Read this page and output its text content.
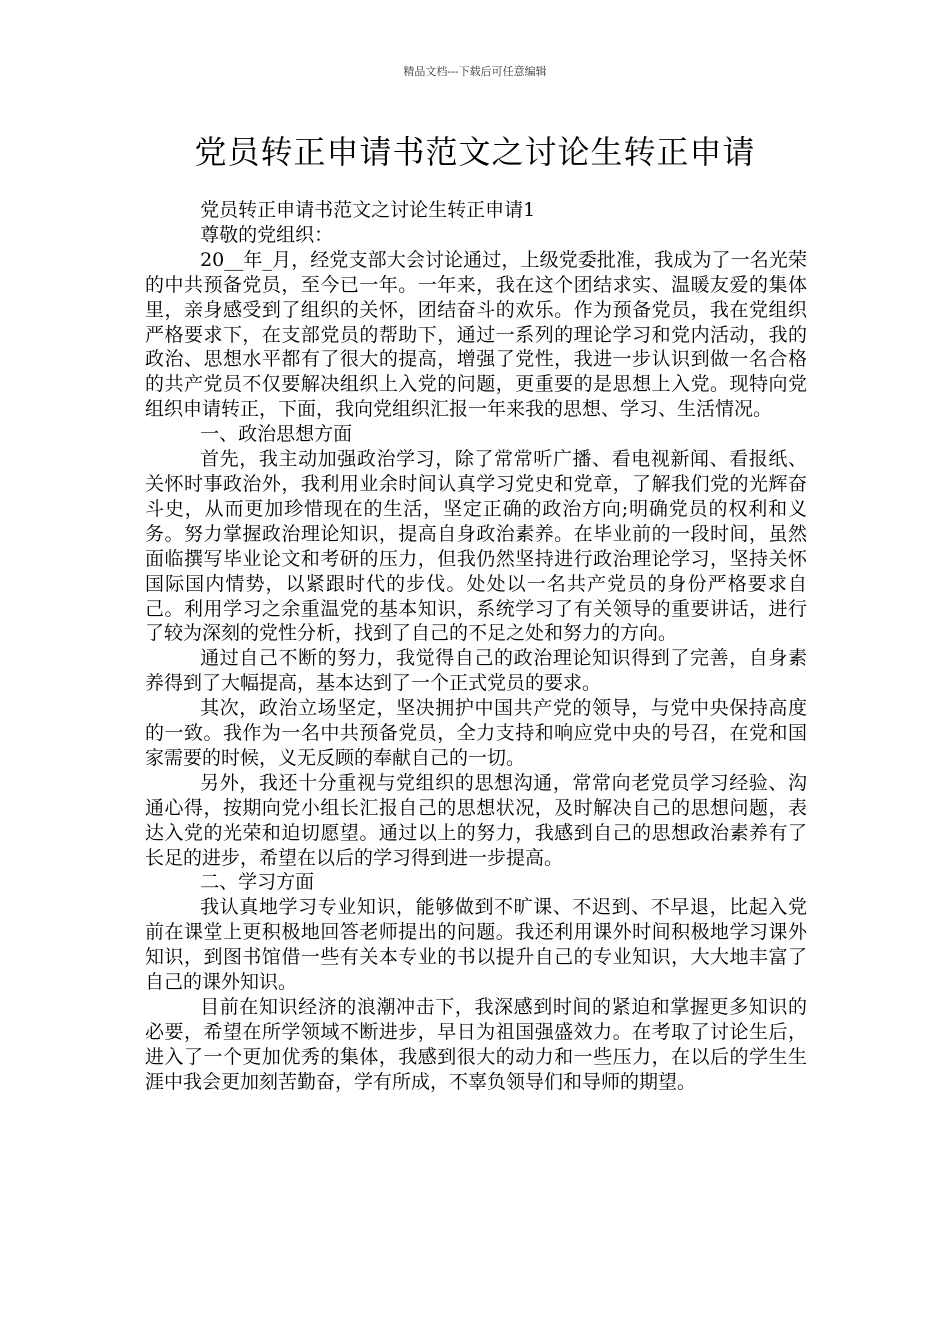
精品文档---下载后可任意编辑
党员转正申请书范文之讨论生转正申请

党员转正申请书范文之讨论生转正申请1

尊敬的党组织：

20__年_月，经党支部大会讨论通过，上级党委批准，我成为了一名光荣的中共预备党员，至今已一年。一年来，我在这个团结求实、温暖友爱的集体里，亲身感受到了组织的关怀，团结奋斗的欢乐。作为预备党员，我在党组织严格要求下，在支部党员的帮助下，通过一系列的理论学习和党内活动，我的政治、思想水平都有了很大的提高，增强了党性，我进一步认识到做一名合格的共产党员不仅要解决组织上入党的问题，更重要的是思想上入党。现特向党组织申请转正，下面，我向党组织汇报一年来我的思想、学习、生活情况。

一、政治思想方面

首先，我主动加强政治学习，除了常常听广播、看电视新闻、看报纸、关怀时事政治外，我利用业余时间认真学习党史和党章，了解我们党的光辉奋斗史，从而更加珍惜现在的生活，坚定正确的政治方向;明确党员的权利和义务。努力掌握政治理论知识，提高自身政治素养。在毕业前的一段时间，虽然面临撰写毕业论文和考研的压力，但我仍然坚持进行政治理论学习，坚持关怀国际国内情势，以紧跟时代的步伐。处处以一名共产党员的身份严格要求自己。利用学习之余重温党的基本知识，系统学习了有关领导的重要讲话，进行了较为深刻的党性分析，找到了自己的不足之处和努力的方向。

通过自己不断的努力，我觉得自己的政治理论知识得到了完善，自身素养得到了大幅提高，基本达到了一个正式党员的要求。

其次，政治立场坚定，坚决拥护中国共产党的领导，与党中央保持高度的一致。我作为一名中共预备党员，全力支持和响应党中央的号召，在党和国家需要的时候，义无反顾的奉献自己的一切。

另外，我还十分重视与党组织的思想沟通，常常向老党员学习经验、沟通心得，按期向党小组长汇报自己的思想状况，及时解决自己的思想问题，表达入党的光荣和迫切愿望。通过以上的努力，我感到自己的思想政治素养有了长足的进步，希望在以后的学习得到进一步提高。

二、学习方面

我认真地学习专业知识，能够做到不旷课、不迟到、不早退，比起入党前在课堂上更积极地回答老师提出的问题。我还利用课外时间积极地学习课外知识，到图书馆借一些有关本专业的书以提升自己的专业知识，大大地丰富了自己的课外知识。

目前在知识经济的浪潮冲击下，我深感到时间的紧迫和掌握更多知识的必要，希望在所学领域不断进步，早日为祖国强盛效力。在考取了讨论生后，进入了一个更加优秀的集体，我感到很大的动力和一些压力，在以后的学生生涯中我会更加刻苦勤奋，学有所成，不辜负领导们和导师的期望。
